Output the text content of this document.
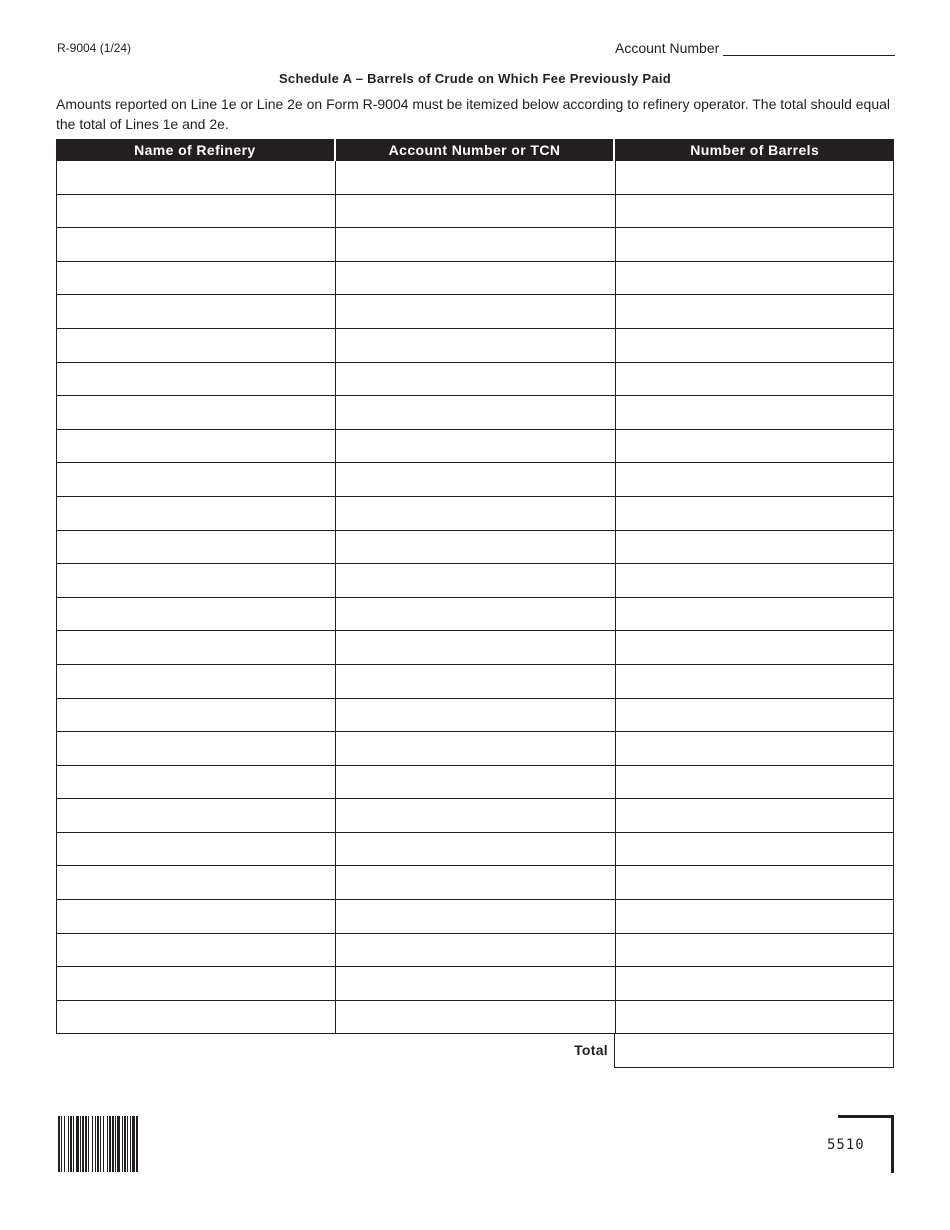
R-9004 (1/24)	Account Number
Schedule A – Barrels of Crude on Which Fee Previously Paid
Amounts reported on Line 1e or Line 2e on Form R-9004 must be itemized below according to refinery operator. The total should equal the total of Lines 1e and 2e.
Name of Refinery	Account Number or TCN	Number of Barrels
Total
5510
